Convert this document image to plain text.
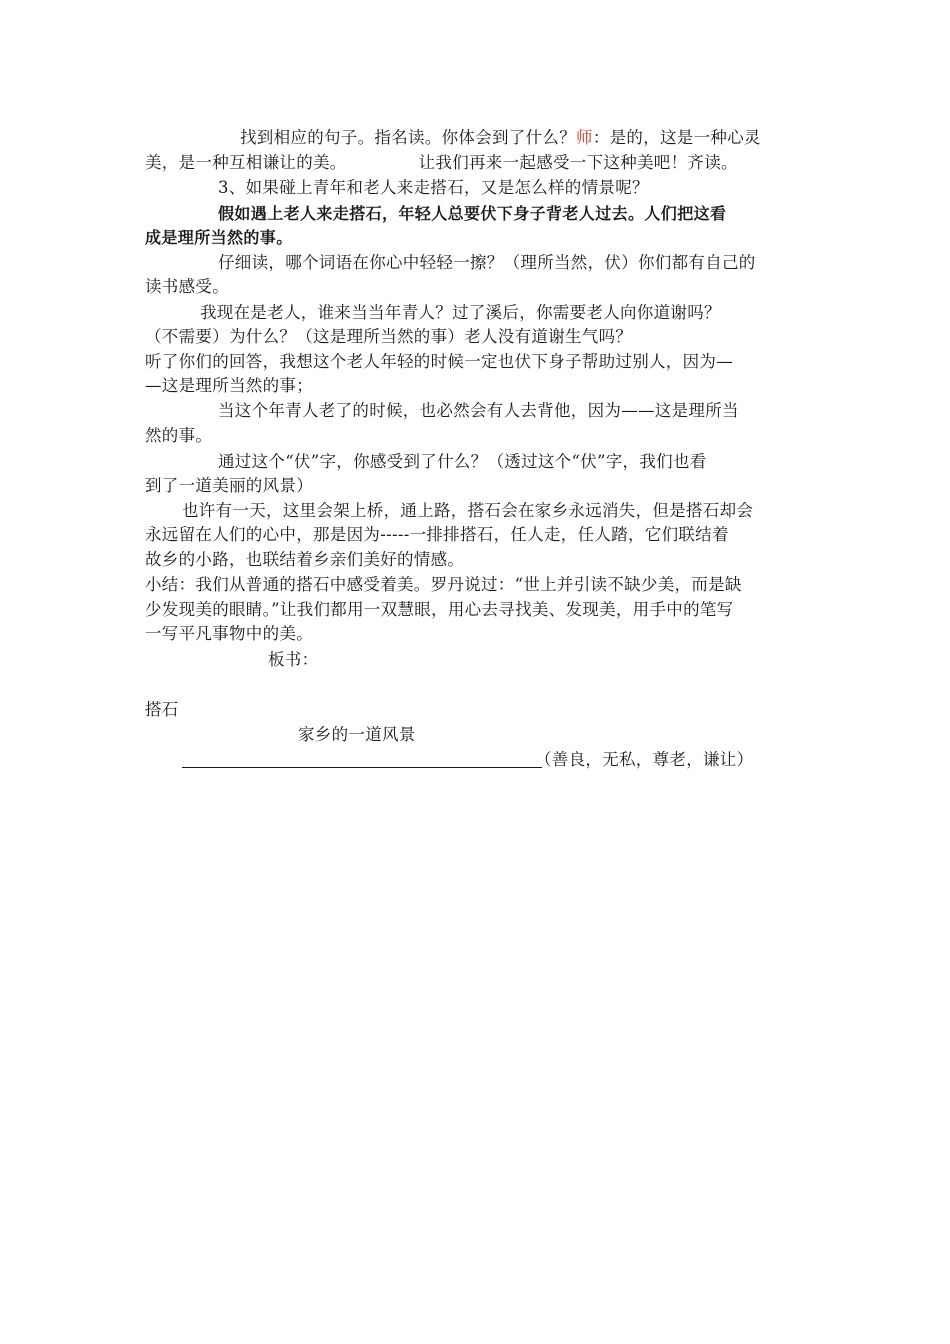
找到相应的句子。指名读。你体会到了什么？师：是的，这是一种心灵
美，是一种互相谦让的美。	让我们再来一起感受一下这种美吧！齐读。
3、如果碰上青年和老人来走搭石，又是怎么样的情景呢？
假如遇上老人来走搭石，年轻人总要伏下身子背老人过去。人们把这看
成是理所当然的事。
仔细读，哪个词语在你心中轻轻一擦？（理所当然，伏）你们都有自己的
读书感受。
我现在是老人，谁来当当年青人？过了溪后，你需要老人向你道谢吗？
（不需要）为什么？（这是理所当然的事）老人没有道谢生气吗？
听了你们的回答，我想这个老人年轻的时候一定也伏下身子帮助过别人，因为—
—这是理所当然的事；
当这个年青人老了的时候，也必然会有人去背他，因为——这是理所当
然的事。
通过这个“伏”字，你感受到了什么？（透过这个“伏”字，我们也看
到了一道美丽的风景）
也许有一天，这里会架上桥，通上路，搭石会在家乡永远消失，但是搭石却会
永远留在人们的心中，那是因为-----一排排搭石，任人走，任人踏，它们联结着
故乡的小路，也联结着乡亲们美好的情感。
小结：我们从普通的搭石中感受着美。罗丹说过：“世上并引读不缺少美，而是缺
少发现美的眼睛。”让我们都用一双慧眼，用心去寻找美、发现美，用手中的笔写
一写平凡事物中的美。
板书：
搭石
家乡的一道风景
（善良，无私，尊老，谦让）
